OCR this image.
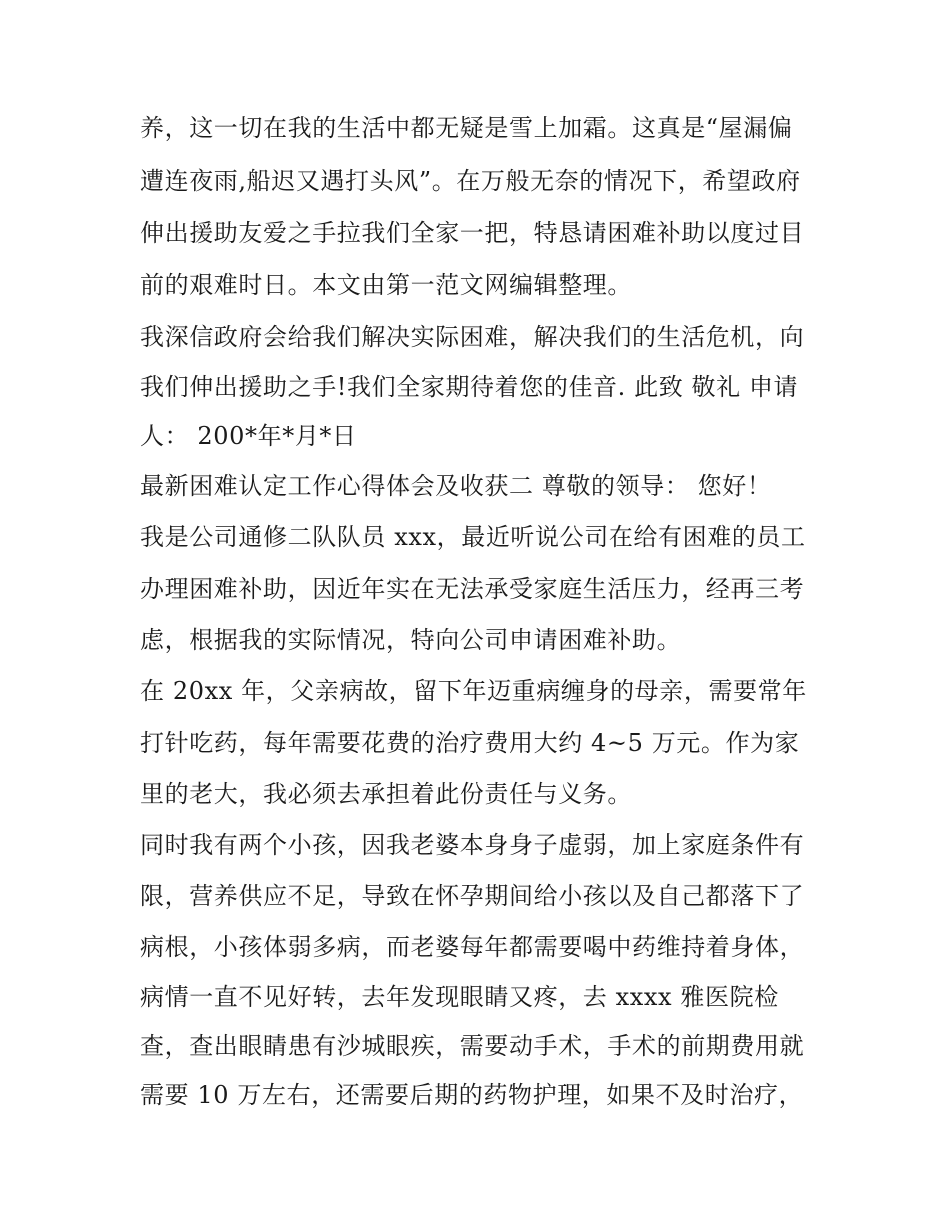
养，这一切在我的生活中都无疑是雪上加霜。这真是“屋漏偏
遭连夜雨,船迟又遇打头风”。在万般无奈的情况下，希望政府
伸出援助友爱之手拉我们全家一把，特恳请困难补助以度过目
前的艰难时日。本文由第一范文网编辑整理。
我深信政府会给我们解决实际困难，解决我们的生活危机，向
我们伸出援助之手!我们全家期待着您的佳音. 此致 敬礼 申请
人： 200*年*月*日
最新困难认定工作心得体会及收获二 尊敬的领导： 您好！
我是公司通修二队队员 xxx，最近听说公司在给有困难的员工
办理困难补助，因近年实在无法承受家庭生活压力，经再三考
虑，根据我的实际情况，特向公司申请困难补助。
在 20xx 年，父亲病故，留下年迈重病缠身的母亲，需要常年
打针吃药，每年需要花费的治疗费用大约 4~5 万元。作为家
里的老大，我必须去承担着此份责任与义务。
同时我有两个小孩，因我老婆本身身子虚弱，加上家庭条件有
限，营养供应不足，导致在怀孕期间给小孩以及自己都落下了
病根，小孩体弱多病，而老婆每年都需要喝中药维持着身体，
病情一直不见好转，去年发现眼睛又疼，去 xxxx 雅医院检
查，查出眼睛患有沙城眼疾，需要动手术，手术的前期费用就
需要 10 万左右，还需要后期的药物护理，如果不及时治疗，
